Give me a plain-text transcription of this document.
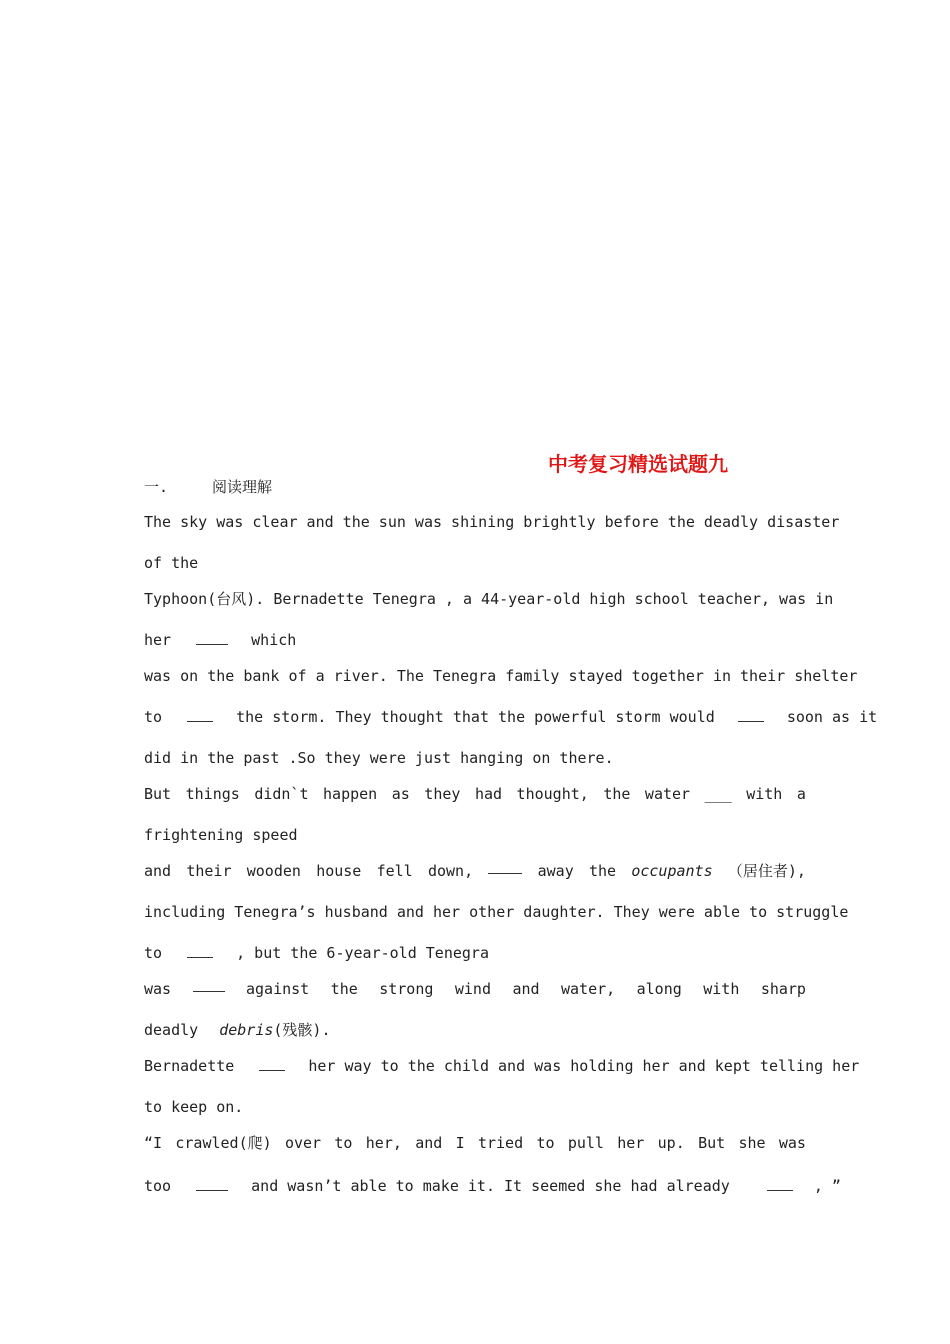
中考复习精选试题九
一.	阅读理解
The sky was clear and the sun was shining brightly before the deadly disaster
of the
Typhoon(台风). Bernadette Tenegra , a 44-year-old high school teacher, was in
her	which
was on the bank of a river. The Tenegra family stayed together in their shelter
to	the storm. They thought that the powerful storm would	soon as it
did in the past .So they were just hanging on there.
But things didn`t happen as they had thought, the water ___ with a
frightening speed
and their wooden house fell down,	away the occupants （居住者),
including Tenegra’s husband and her other daughter. They were able to struggle
to	, but the 6-year-old Tenegra
was	against the strong wind and water, along with sharp
deadly debris(残骸).
Bernadette	her way to the child and was holding her and kept telling her
to keep on.
“I crawled(爬) over to her, and I tried to pull her up. But she was
too	and wasn’t able to make it. It seemed she had already	, ”
